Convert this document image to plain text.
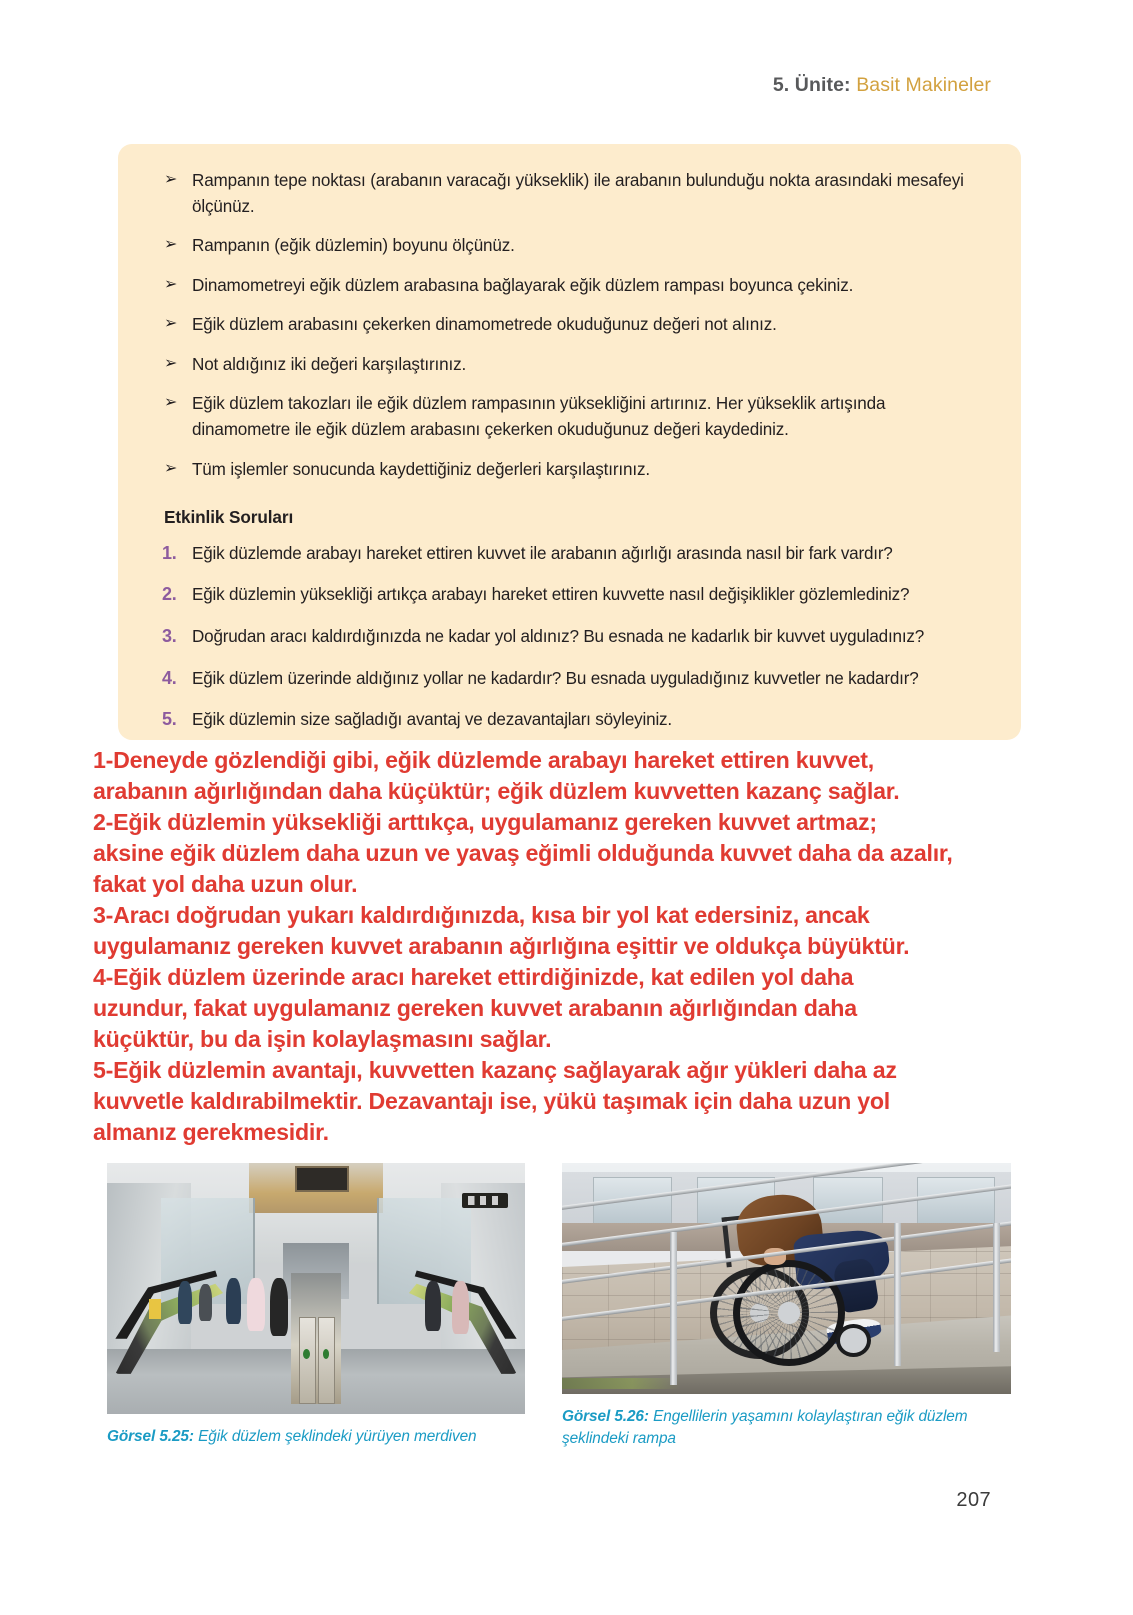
5. Ünite: Basit Makineler
➢ Rampanın tepe noktası (arabanın varacağı yükseklik) ile arabanın bulunduğu nokta arasındaki mesafeyi ölçünüz.
➢ Rampanın (eğik düzlemin) boyunu ölçünüz.
➢ Dinamometreyi eğik düzlem arabasına bağlayarak eğik düzlem rampası boyunca çekiniz.
➢ Eğik düzlem arabasını çekerken dinamometrede okuduğunuz değeri not alınız.
➢ Not aldığınız iki değeri karşılaştırınız.
➢ Eğik düzlem takozları ile eğik düzlem rampasının yüksekliğini artırınız. Her yükseklik artışında dinamometre ile eğik düzlem arabasını çekerken okuduğunuz değeri kaydediniz.
➢ Tüm işlemler sonucunda kaydettiğiniz değerleri karşılaştırınız.
Etkinlik Soruları
1. Eğik düzlemde arabayı hareket ettiren kuvvet ile arabanın ağırlığı arasında nasıl bir fark vardır?
2. Eğik düzlemin yüksekliği artıkça arabayı hareket ettiren kuvvette nasıl değişiklikler gözlemlediniz?
3. Doğrudan aracı kaldırdığınızda ne kadar yol aldınız? Bu esnada ne kadarlık bir kuvvet uyguladınız?
4. Eğik düzlem üzerinde aldığınız yollar ne kadardır? Bu esnada uyguladığınız kuvvetler ne kadardır?
5. Eğik düzlemin size sağladığı avantaj ve dezavantajları söyleyiniz.
1-Deneyde gözlendiği gibi, eğik düzlemde arabayı hareket ettiren kuvvet,
arabanın ağırlığından daha küçüktür; eğik düzlem kuvvetten kazanç sağlar.
2-Eğik düzlemin yüksekliği arttıkça, uygulamanız gereken kuvvet artmaz;
aksine eğik düzlem daha uzun ve yavaş eğimli olduğunda kuvvet daha da azalır,
fakat yol daha uzun olur.
3-Aracı doğrudan yukarı kaldırdığınızda, kısa bir yol kat edersiniz, ancak
uygulamanız gereken kuvvet arabanın ağırlığına eşittir ve oldukça büyüktür.
4-Eğik düzlem üzerinde aracı hareket ettirdiğinizde, kat edilen yol daha
uzundur, fakat uygulamanız gereken kuvvet arabanın ağırlığından daha
küçüktür, bu da işin kolaylaşmasını sağlar.
5-Eğik düzlemin avantajı, kuvvetten kazanç sağlayarak ağır yükleri daha az
kuvvetle kaldırabilmektir. Dezavantajı ise, yükü taşımak için daha uzun yol
almanız gerekmesidir.
Görsel 5.25: Eğik düzlem şeklindeki yürüyen merdiven
Görsel 5.26: Engellilerin yaşamını kolaylaştıran eğik düzlem şeklindeki rampa
207
